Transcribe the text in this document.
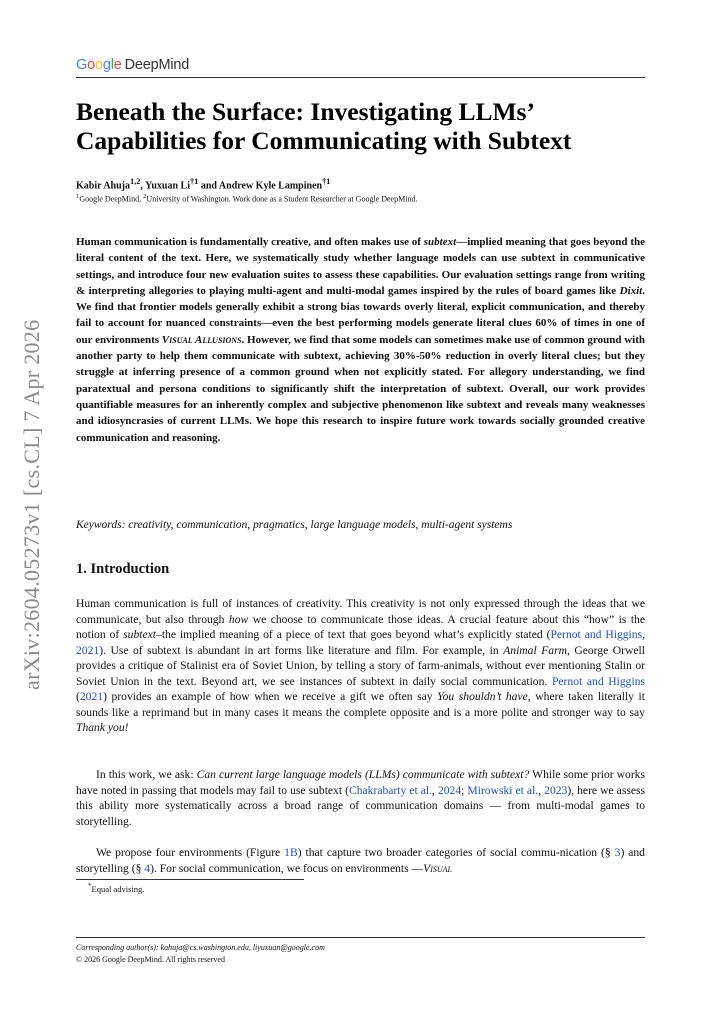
Google DeepMind
arXiv:2604.05273v1 [cs.CL] 7 Apr 2026
Beneath the Surface: Investigating LLMs’ Capabilities for Communicating with Subtext
Kabir Ahuja$^{1,2}$, Yuxuan Li$^{\dagger 1}$ and Andrew Kyle Lampinen$^{\dagger 1}$
$^1$Google DeepMind, $^2$University of Washington. Work done as a Student Researcher at Google DeepMind.

Human communication is fundamentally creative, and often makes use of subtext—implied meaning that goes beyond the literal content of the text. Here, we systematically study whether language models can use subtext in communicative settings, and introduce four new evaluation suites to assess these capabilities. Our evaluation settings range from writing & interpreting allegories to playing multi-agent and multi-modal games inspired by the rules of board games like Dixit. We find that frontier models generally exhibit a strong bias towards overly literal, explicit communication, and thereby fail to account for nuanced constraints—even the best performing models generate literal clues 60% of times in one of our environments Visual Allusions. However, we find that some models can sometimes make use of common ground with another party to help them communicate with subtext, achieving 30%-50% reduction in overly literal clues; but they struggle at inferring presence of a common ground when not explicitly stated. For allegory understanding, we find paratextual and persona conditions to significantly shift the interpretation of subtext. Overall, our work provides quantifiable measures for an inherently complex and subjective phenomenon like subtext and reveals many weaknesses and idiosyncrasies of current LLMs. We hope this research to inspire future work towards socially grounded creative communication and reasoning.

Keywords: creativity, communication, pragmatics, large language models, multi-agent systems
1. Introduction

Human communication is full of instances of creativity. This creativity is not only expressed through the ideas that we communicate, but also through how we choose to communicate those ideas. A crucial feature about this “how” is the notion of subtext–the implied meaning of a piece of text that goes beyond what’s explicitly stated (Pernot and Higgins, 2021). Use of subtext is abundant in art forms like literature and film. For example, in Animal Farm, George Orwell provides a critique of Stalinist era of Soviet Union, by telling a story of farm-animals, without ever mentioning Stalin or Soviet Union in the text. Beyond art, we see instances of subtext in daily social communication. Pernot and Higgins (2021) provides an example of how when we receive a gift we often say You shouldn’t have, where taken literally it sounds like a reprimand but in many cases it means the complete opposite and is a more polite and stronger way to say Thank you!

In this work, we ask: Can current large language models (LLMs) communicate with subtext? While some prior works have noted in passing that models may fail to use subtext (Chakrabarty et al., 2024; Mirowski et al., 2023), here we assess this ability more systematically across a broad range of communication domains — from multi-modal games to storytelling.

We propose four environments (Figure 1B) that capture two broader categories of social commu-nication (§ 3) and storytelling (§ 4). For social communication, we focus on environments —Visual

*Equal advising.
Corresponding author(s): kahuja@cs.washington.edu, liyuxuan@google.com
© 2026 Google DeepMind. All rights reserved
